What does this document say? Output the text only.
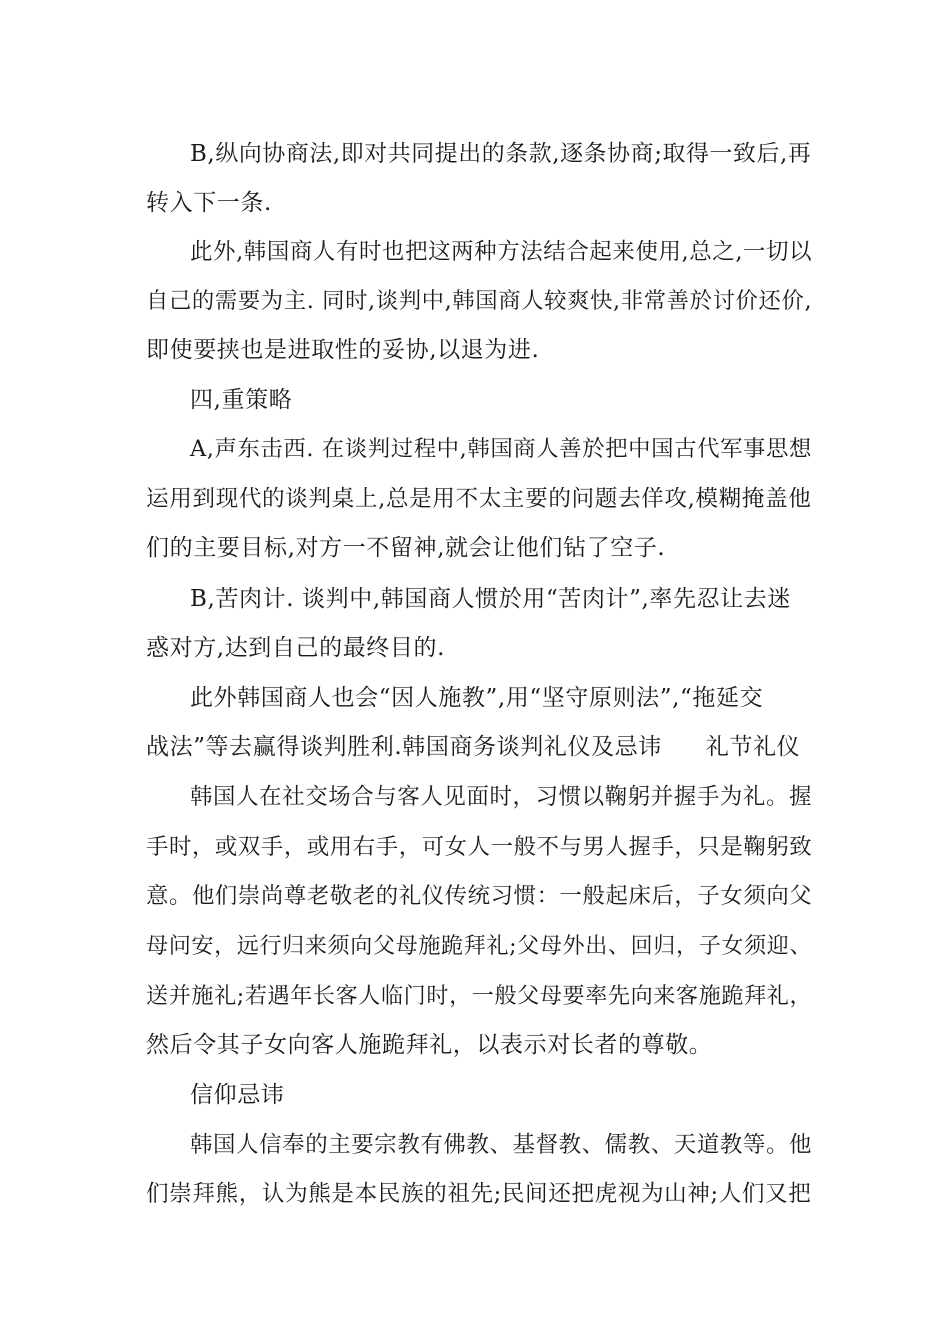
B,纵向协商法,即对共同提出的条款,逐条协商;取得一致后,再
转入下一条.
此外,韩国商人有时也把这两种方法结合起来使用,总之,一切以
自己的需要为主. 同时,谈判中,韩国商人较爽快,非常善於讨价还价,
即使要挟也是进取性的妥协,以退为进.
四,重策略
A,声东击西. 在谈判过程中,韩国商人善於把中国古代军事思想
运用到现代的谈判桌上,总是用不太主要的问题去佯攻,模糊掩盖他
们的主要目标,对方一不留神,就会让他们钻了空子.
B,苦肉计. 谈判中,韩国商人惯於用“苦肉计”,率先忍让去迷
惑对方,达到自己的最终目的.
此外韩国商人也会“因人施教”,用“坚守原则法”,“拖延交
战法”等去赢得谈判胜利.韩国商务谈判礼仪及忌讳 礼节礼仪
韩国人在社交场合与客人见面时，习惯以鞠躬并握手为礼。握
手时，或双手，或用右手，可女人一般不与男人握手，只是鞠躬致
意。他们崇尚尊老敬老的礼仪传统习惯：一般起床后，子女须向父
母问安，远行归来须向父母施跪拜礼;父母外出、回归，子女须迎、
送并施礼;若遇年长客人临门时，一般父母要率先向来客施跪拜礼，
然后令其子女向客人施跪拜礼，以表示对长者的尊敬。
信仰忌讳
韩国人信奉的主要宗教有佛教、基督教、儒教、天道教等。他
们崇拜熊，认为熊是本民族的祖先;民间还把虎视为山神;人们又把
